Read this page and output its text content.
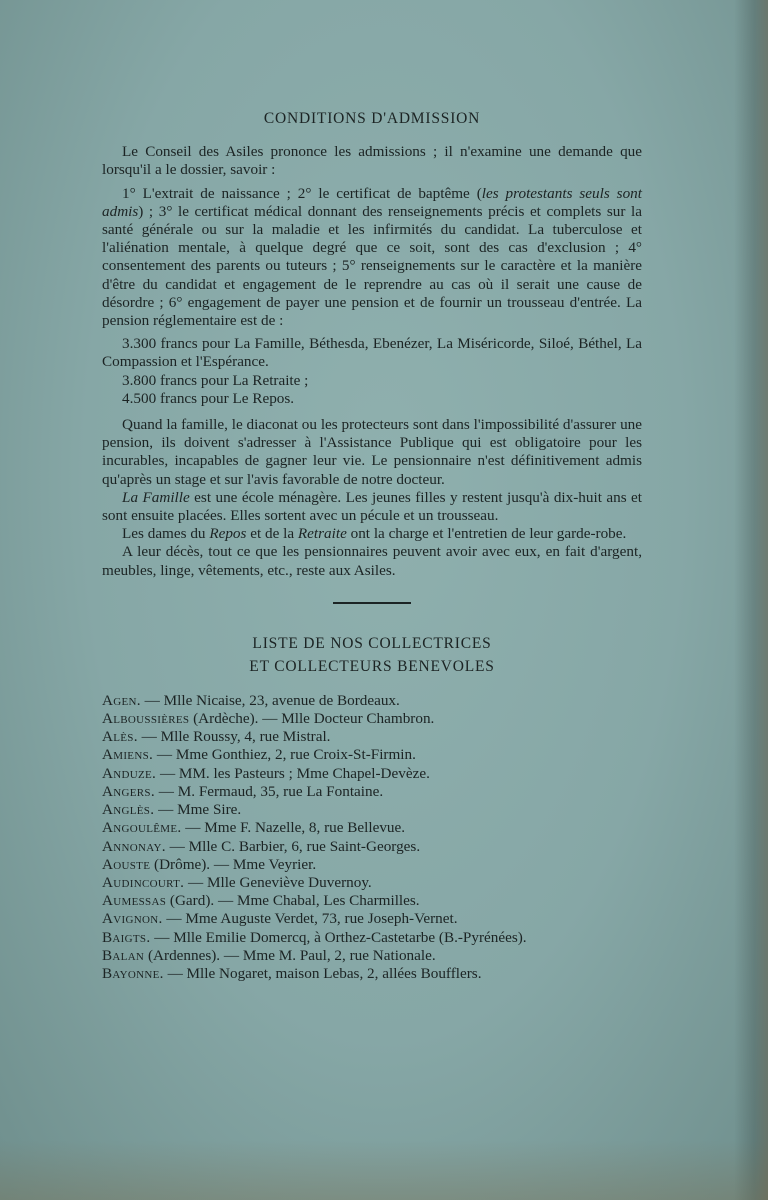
CONDITIONS D'ADMISSION

Le Conseil des Asiles prononce les admissions ; il n'examine une demande que lorsqu'il a le dossier, savoir :

1° L'extrait de naissance ; 2° le certificat de baptême (les protestants seuls sont admis) ; 3° le certificat médical donnant des renseignements précis et complets sur la santé générale ou sur la maladie et les infirmités du candidat. La tuberculose et l'aliénation mentale, à quelque degré que ce soit, sont des cas d'exclusion ; 4° consentement des parents ou tuteurs ; 5° renseignements sur le caractère et la manière d'être du candidat et engagement de le reprendre au cas où il serait une cause de désordre ; 6° engagement de payer une pension et de fournir un trousseau d'entrée. La pension réglementaire est de :

3.300 francs pour La Famille, Béthesda, Ebenézer, La Miséricorde, Siloé, Béthel, La Compassion et l'Espérance.

3.800 francs pour La Retraite ;

4.500 francs pour Le Repos.

Quand la famille, le diaconat ou les protecteurs sont dans l'impossibilité d'assurer une pension, ils doivent s'adresser à l'Assistance Publique qui est obligatoire pour les incurables, incapables de gagner leur vie. Le pensionnaire n'est définitivement admis qu'après un stage et sur l'avis favorable de notre docteur.

La Famille est une école ménagère. Les jeunes filles y restent jusqu'à dix-huit ans et sont ensuite placées. Elles sortent avec un pécule et un trousseau.

Les dames du Repos et de la Retraite ont la charge et l'entretien de leur garde-robe.

A leur décès, tout ce que les pensionnaires peuvent avoir avec eux, en fait d'argent, meubles, linge, vêtements, etc., reste aux Asiles.

LISTE DE NOS COLLECTRICES
ET COLLECTEURS BENEVOLES
Agen. — Mlle Nicaise, 23, avenue de Bordeaux.
Alboussières (Ardèche). — Mlle Docteur Chambron.
Alès. — Mlle Roussy, 4, rue Mistral.
Amiens. — Mme Gonthiez, 2, rue Croix-St-Firmin.
Anduze. — MM. les Pasteurs ; Mme Chapel-Devèze.
Angers. — M. Fermaud, 35, rue La Fontaine.
Anglès. — Mme Sire.
Angoulême. — Mme F. Nazelle, 8, rue Bellevue.
Annonay. — Mlle C. Barbier, 6, rue Saint-Georges.
Aouste (Drôme). — Mme Veyrier.
Audincourt. — Mlle Geneviève Duvernoy.
Aumessas (Gard). — Mme Chabal, Les Charmilles.
Avignon. — Mme Auguste Verdet, 73, rue Joseph-Vernet.
Baigts. — Mlle Emilie Domercq, à Orthez-Castetarbe (B.-Pyrénées).
Balan (Ardennes). — Mme M. Paul, 2, rue Nationale.
Bayonne. — Mlle Nogaret, maison Lebas, 2, allées Boufflers.
